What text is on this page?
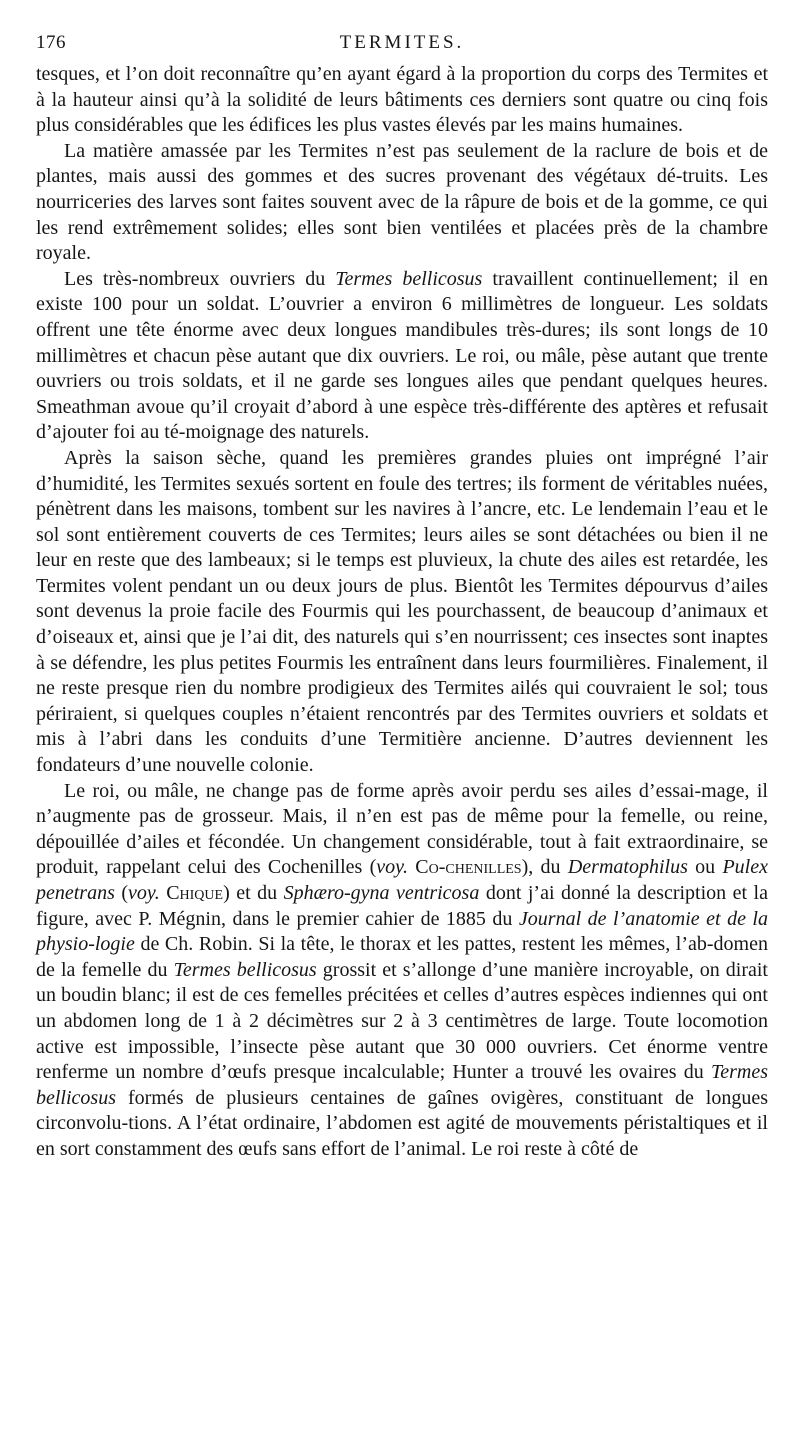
176	TERMITES.

tesques, et l’on doit reconnaître qu’en ayant égard à la proportion du corps des Termites et à la hauteur ainsi qu’à la solidité de leurs bâtiments ces derniers sont quatre ou cinq fois plus considérables que les édifices les plus vastes élevés par les mains humaines.

La matière amassée par les Termites n’est pas seulement de la raclure de bois et de plantes, mais aussi des gommes et des sucres provenant des végétaux dé-truits. Les nourriceries des larves sont faites souvent avec de la râpure de bois et de la gomme, ce qui les rend extrêmement solides; elles sont bien ventilées et placées près de la chambre royale.

Les très-nombreux ouvriers du Termes bellicosus travaillent continuellement; il en existe 100 pour un soldat. L’ouvrier a environ 6 millimètres de longueur. Les soldats offrent une tête énorme avec deux longues mandibules très-dures; ils sont longs de 10 millimètres et chacun pèse autant que dix ouvriers. Le roi, ou mâle, pèse autant que trente ouvriers ou trois soldats, et il ne garde ses longues ailes que pendant quelques heures. Smeathman avoue qu’il croyait d’abord à une espèce très-différente des aptères et refusait d’ajouter foi au té-moignage des naturels.

Après la saison sèche, quand les premières grandes pluies ont imprégné l’air d’humidité, les Termites sexués sortent en foule des tertres; ils forment de véritables nuées, pénètrent dans les maisons, tombent sur les navires à l’ancre, etc. Le lendemain l’eau et le sol sont entièrement couverts de ces Termites; leurs ailes se sont détachées ou bien il ne leur en reste que des lambeaux; si le temps est pluvieux, la chute des ailes est retardée, les Termites volent pendant un ou deux jours de plus. Bientôt les Termites dépourvus d’ailes sont devenus la proie facile des Fourmis qui les pourchassent, de beaucoup d’animaux et d’oiseaux et, ainsi que je l’ai dit, des naturels qui s’en nourrissent; ces insectes sont inaptes à se défendre, les plus petites Fourmis les entraînent dans leurs fourmilières. Finalement, il ne reste presque rien du nombre prodigieux des Termites ailés qui couvraient le sol; tous périraient, si quelques couples n’étaient rencontrés par des Termites ouvriers et soldats et mis à l’abri dans les conduits d’une Termitière ancienne. D’autres deviennent les fondateurs d’une nouvelle colonie.

Le roi, ou mâle, ne change pas de forme après avoir perdu ses ailes d’essai-mage, il n’augmente pas de grosseur. Mais, il n’en est pas de même pour la femelle, ou reine, dépouillée d’ailes et fécondée. Un changement considérable, tout à fait extraordinaire, se produit, rappelant celui des Cochenilles (voy. Co-chenilles), du Dermatophilus ou Pulex penetrans (voy. Chique) et du Sphæro-gyna ventricosa dont j’ai donné la description et la figure, avec P. Mégnin, dans le premier cahier de 1885 du Journal de l’anatomie et de la physio-logie de Ch. Robin. Si la tête, le thorax et les pattes, restent les mêmes, l’ab-domen de la femelle du Termes bellicosus grossit et s’allonge d’une manière incroyable, on dirait un boudin blanc; il est de ces femelles précitées et celles d’autres espèces indiennes qui ont un abdomen long de 1 à 2 décimètres sur 2 à 3 centimètres de large. Toute locomotion active est impossible, l’insecte pèse autant que 30 000 ouvriers. Cet énorme ventre renferme un nombre d’œufs presque incalculable; Hunter a trouvé les ovaires du Termes bellicosus formés de plusieurs centaines de gaînes ovigères, constituant de longues circonvolu-tions. A l’état ordinaire, l’abdomen est agité de mouvements péristaltiques et il en sort constamment des œufs sans effort de l’animal. Le roi reste à côté de
